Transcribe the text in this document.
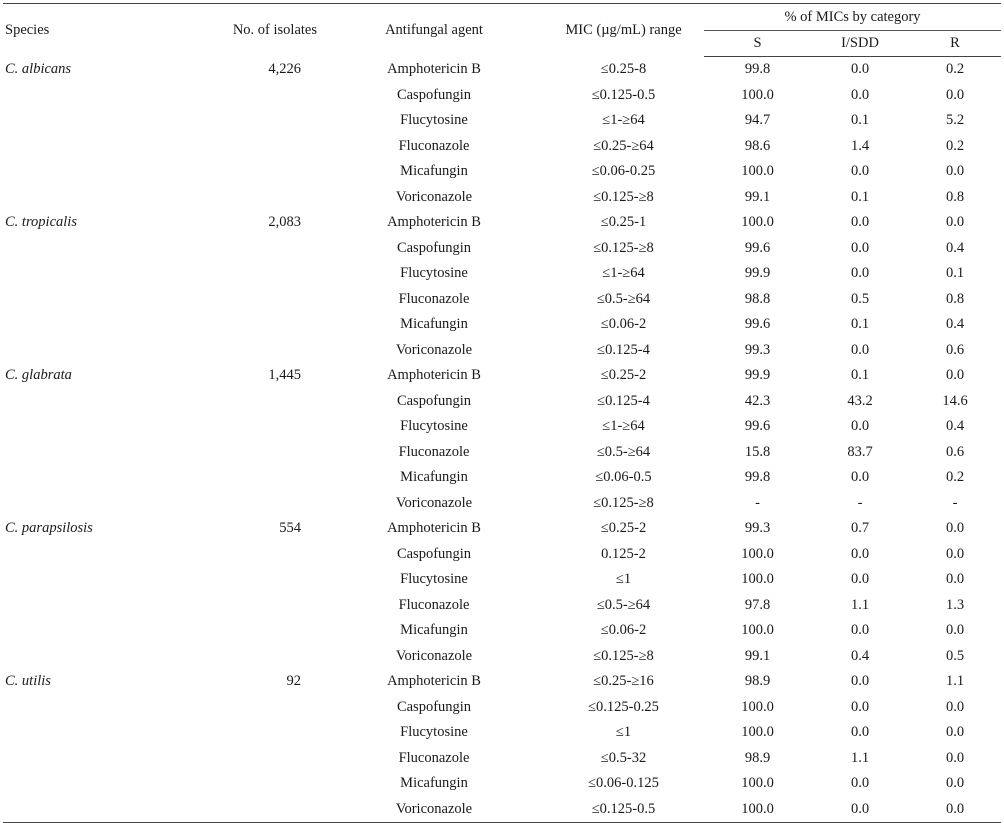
Species	No. of isolates	Antifungal agent	MIC (µg/mL) range	% of MICs by category		
				S	I/SDD	R
C. albicans	4,226	Amphotericin B	≤0.25-8	99.8	0.0	0.2
		Caspofungin	≤0.125-0.5	100.0	0.0	0.0
		Flucytosine	≤1-≥64	94.7	0.1	5.2
		Fluconazole	≤0.25-≥64	98.6	1.4	0.2
		Micafungin	≤0.06-0.25	100.0	0.0	0.0
		Voriconazole	≤0.125-≥8	99.1	0.1	0.8
C. tropicalis	2,083	Amphotericin B	≤0.25-1	100.0	0.0	0.0
		Caspofungin	≤0.125-≥8	99.6	0.0	0.4
		Flucytosine	≤1-≥64	99.9	0.0	0.1
		Fluconazole	≤0.5-≥64	98.8	0.5	0.8
		Micafungin	≤0.06-2	99.6	0.1	0.4
		Voriconazole	≤0.125-4	99.3	0.0	0.6
C. glabrata	1,445	Amphotericin B	≤0.25-2	99.9	0.1	0.0
		Caspofungin	≤0.125-4	42.3	43.2	14.6
		Flucytosine	≤1-≥64	99.6	0.0	0.4
		Fluconazole	≤0.5-≥64	15.8	83.7	0.6
		Micafungin	≤0.06-0.5	99.8	0.0	0.2
		Voriconazole	≤0.125-≥8	-	-	-
C. parapsilosis	554	Amphotericin B	≤0.25-2	99.3	0.7	0.0
		Caspofungin	0.125-2	100.0	0.0	0.0
		Flucytosine	≤1	100.0	0.0	0.0
		Fluconazole	≤0.5-≥64	97.8	1.1	1.3
		Micafungin	≤0.06-2	100.0	0.0	0.0
		Voriconazole	≤0.125-≥8	99.1	0.4	0.5
C. utilis	92	Amphotericin B	≤0.25-≥16	98.9	0.0	1.1
		Caspofungin	≤0.125-0.25	100.0	0.0	0.0
		Flucytosine	≤1	100.0	0.0	0.0
		Fluconazole	≤0.5-32	98.9	1.1	0.0
		Micafungin	≤0.06-0.125	100.0	0.0	0.0
		Voriconazole	≤0.125-0.5	100.0	0.0	0.0
